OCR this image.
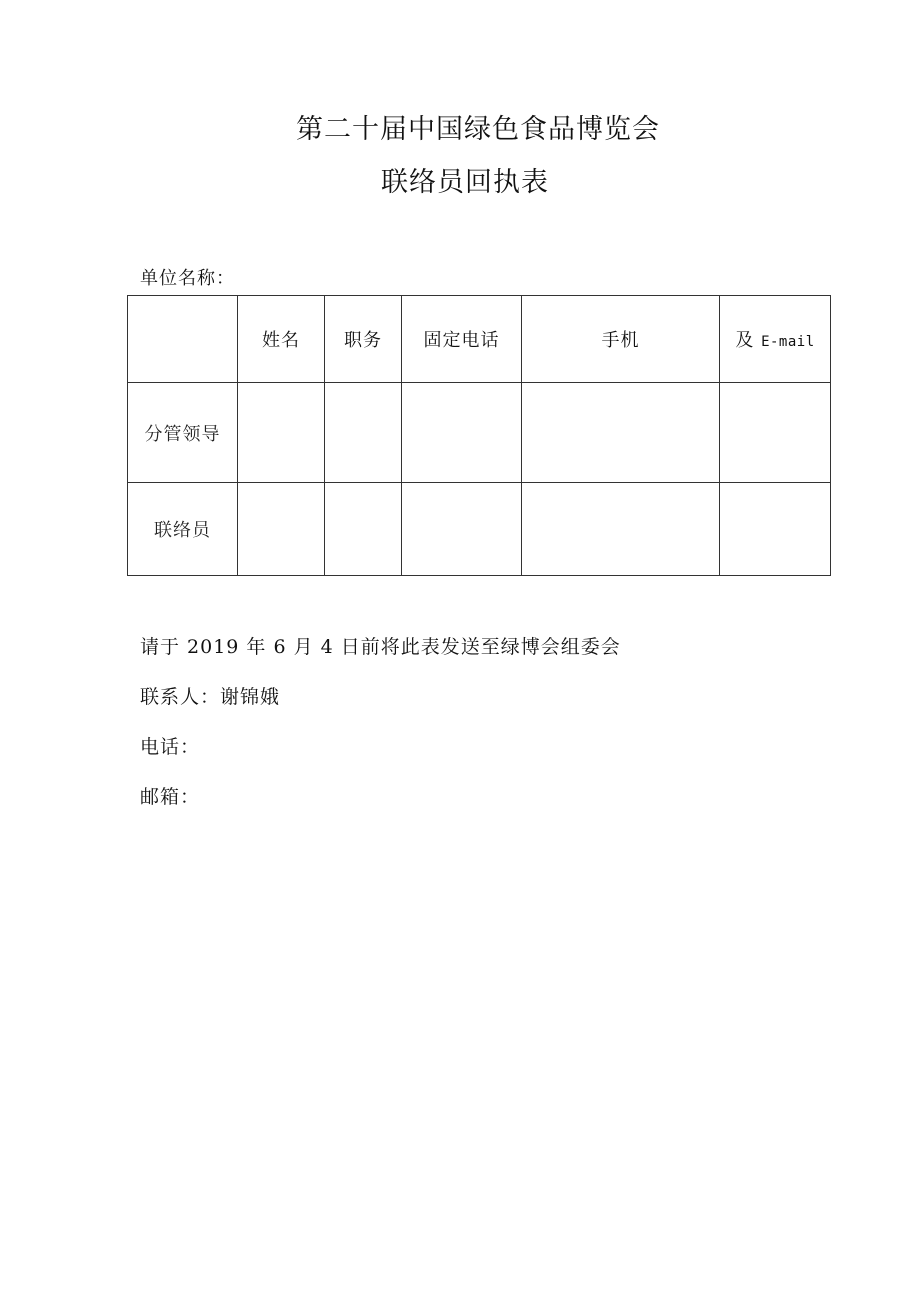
第二十届中国绿色食品博览会
联络员回执表
单位名称：
	姓名	职务	固定电话	手机	及 E-mail
分管领导					
联络员					
请于 2019 年 6 月 4 日前将此表发送至绿博会组委会
联系人：谢锦娥
电话：
邮箱：
